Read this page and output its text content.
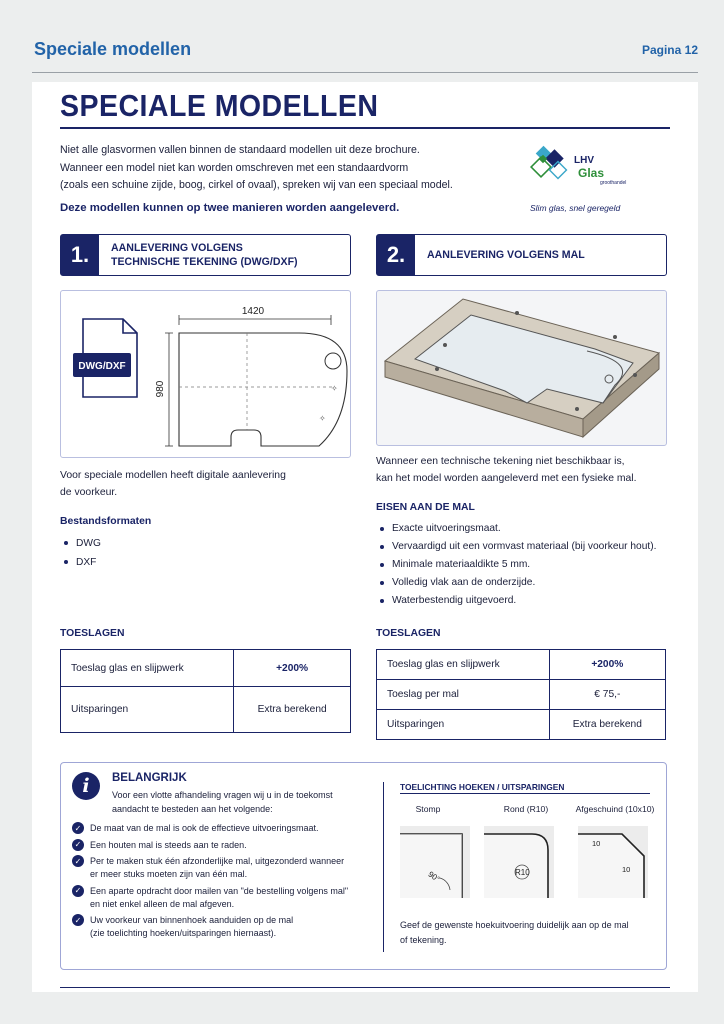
Speciale modellen	Pagina 12
SPECIALE MODELLEN
Niet alle glasvormen vallen binnen de standaard modellen uit deze brochure.
Wanneer een model niet kan worden omschreven met een standaardvorm
(zoals een schuine zijde, boog, cirkel of ovaal), spreken wij van een speciaal model.
Deze modellen kunnen op twee manieren worden aangeleverd.
LHV
Glas
groothandel
Slim glas, snel geregeld
1.	AANLEVERING VOLGENS
TECHNISCHE TEKENING (DWG/DXF)	2.	AANLEVERING VOLGENS MAL
DWG/DXF
1420
980	✧
✧
Voor speciale modellen heeft digitale aanlevering
de voorkeur.
Bestandsformaten
DWG
DXF
Wanneer een technische tekening niet beschikbaar is,
kan het model worden aangeleverd met een fysieke mal.
EISEN AAN DE MAL
Exacte uitvoeringsmaat.
Vervaardigd uit een vormvast materiaal (bij voorkeur hout).
Minimale materiaaldikte 5 mm.
Volledig vlak aan de onderzijde.
Waterbestendig uitgevoerd.
TOESLAGEN
Toeslag glas en slijpwerk	+200%
Uitsparingen	Extra berekend
TOESLAGEN
Toeslag glas en slijpwerk	+200%
Toeslag per mal	€ 75,-
Uitsparingen	Extra berekend
i	BELANGRIJK
Voor een vlotte afhandeling vragen wij u in de toekomst
aandacht te besteden aan het volgende:
✓ De maat van de mal is ook de effectieve uitvoeringsmaat.
✓ Een houten mal is steeds aan te raden.
✓ Per te maken stuk één afzonderlijke mal, uitgezonderd wanneer
er meer stuks moeten zijn van één mal.
✓ Een aparte opdracht door mailen van "de bestelling volgens mal"
en niet enkel alleen de mal afgeven.
✓ Uw voorkeur van binnenhoek aanduiden op de mal
(zie toelichting hoeken/uitsparingen hiernaast).
TOELICHTING HOEKEN / UITSPARINGEN
Stomp	Rond (R10)	Afgeschuind (10x10)
90°	R10
10
10
Geef de gewenste hoekuitvoering duidelijk aan op de mal
of tekening.
